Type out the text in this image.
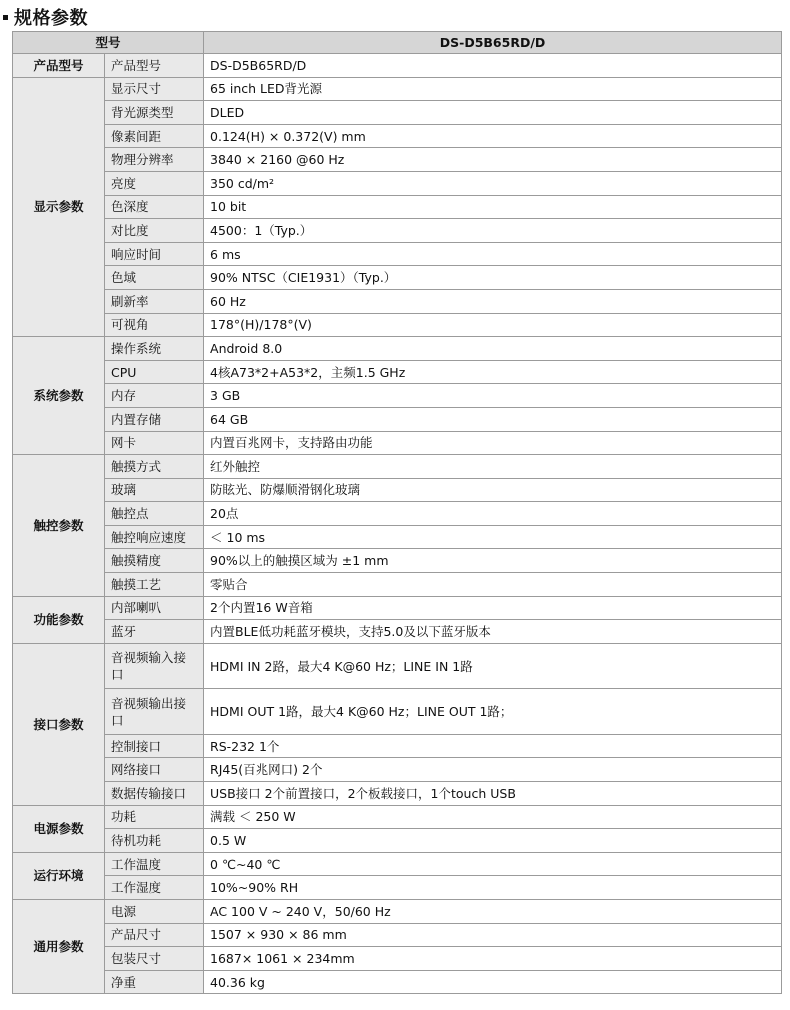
规格参数
型号		DS-D5B65RD/D
产品型号	产品型号	DS-D5B65RD/D
显示参数	显示尺寸	65 inch LED背光源
	背光源类型	DLED
	像素间距	0.124(H) × 0.372(V) mm
	物理分辨率	3840 × 2160 @60 Hz
	亮度	350 cd/m²
	色深度	10 bit
	对比度	4500：1（Typ.）
	响应时间	6 ms
	色域	90% NTSC（CIE1931）（Typ.）
	刷新率	60 Hz
	可视角	178°(H)/178°(V)
系统参数	操作系统	Android 8.0
	CPU	4核A73*2+A53*2，主频1.5 GHz
	内存	3 GB
	内置存储	64 GB
	网卡	内置百兆网卡，支持路由功能
触控参数	触摸方式	红外触控
	玻璃	防眩光、防爆顺滑钢化玻璃
	触控点	20点
	触控响应速度	＜ 10 ms
	触摸精度	90%以上的触摸区域为 ±1 mm
	触摸工艺	零贴合
功能参数	内部喇叭	2个内置16 W音箱
	蓝牙	内置BLE低功耗蓝牙模块，支持5.0及以下蓝牙版本
接口参数	音视频输入接口	HDMI IN 2路，最大4 K@60 Hz；LINE IN 1路
	音视频输出接口	HDMI OUT 1路，最大4 K@60 Hz；LINE OUT 1路；
	控制接口	RS-232 1个
	网络接口	RJ45(百兆网口) 2个
	数据传输接口	USB接口 2个前置接口，2个板载接口，1个touch USB
电源参数	功耗	满载 ＜ 250 W
	待机功耗	0.5 W
运行环境	工作温度	0 ℃~40 ℃
	工作湿度	10%~90% RH
通用参数	电源	AC 100 V ~ 240 V，50/60 Hz
	产品尺寸	1507 × 930 × 86 mm
	包装尺寸	1687× 1061 × 234mm
	净重	40.36 kg
